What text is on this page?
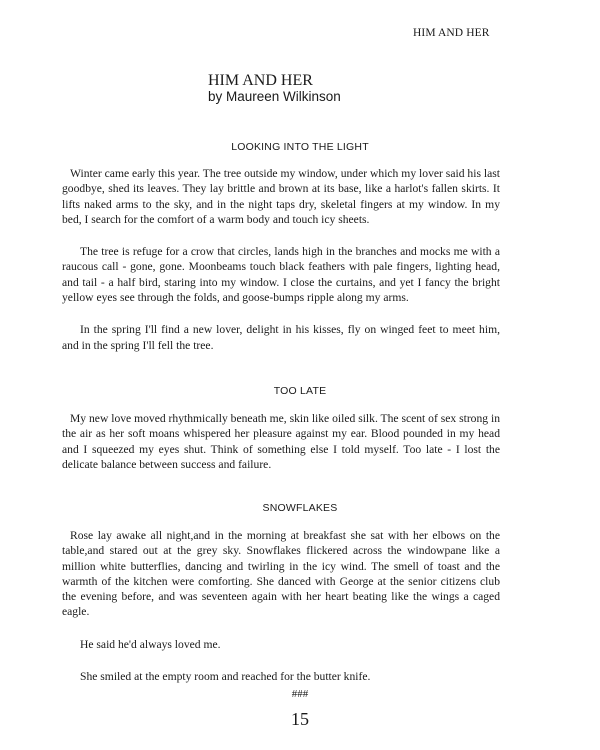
HIM AND HER
HIM AND HER
by Maureen Wilkinson
LOOKING INTO THE LIGHT

Winter came early this year. The tree outside my window, under which my lover said his last goodbye, shed its leaves. They lay brittle and brown at its base, like a harlot's fallen skirts. It lifts naked arms to the sky, and in the night taps dry, skeletal fingers at my window. In my bed, I search for the comfort of a warm body and touch icy sheets.

The tree is refuge for a crow that circles, lands high in the branches and mocks me with a raucous call - gone, gone. Moonbeams touch black feathers with pale fingers, lighting head, and tail - a half bird, staring into my window. I close the curtains, and yet I fancy the bright yellow eyes see through the folds, and goose-bumps ripple along my arms.

In the spring I'll find a new lover, delight in his kisses, fly on winged feet to meet him, and in the spring I'll fell the tree.

TOO LATE

My new love moved rhythmically beneath me, skin like oiled silk. The scent of sex strong in the air as her soft moans whispered her pleasure against my ear. Blood pounded in my head and I squeezed my eyes shut. Think of something else I told myself. Too late - I lost the delicate balance between success and failure.

SNOWFLAKES

Rose lay awake all night,and in the morning at breakfast she sat with her elbows on the table,and stared out at the grey sky. Snowflakes flickered across the windowpane like a million white butterflies, dancing and twirling in the icy wind. The smell of toast and the warmth of the kitchen were comforting. She danced with George at the senior citizens club the evening before, and was seventeen again with her heart beating like the wings a caged eagle.

He said he'd always loved me.

She smiled at the empty room and reached for the butter knife.

###
15
